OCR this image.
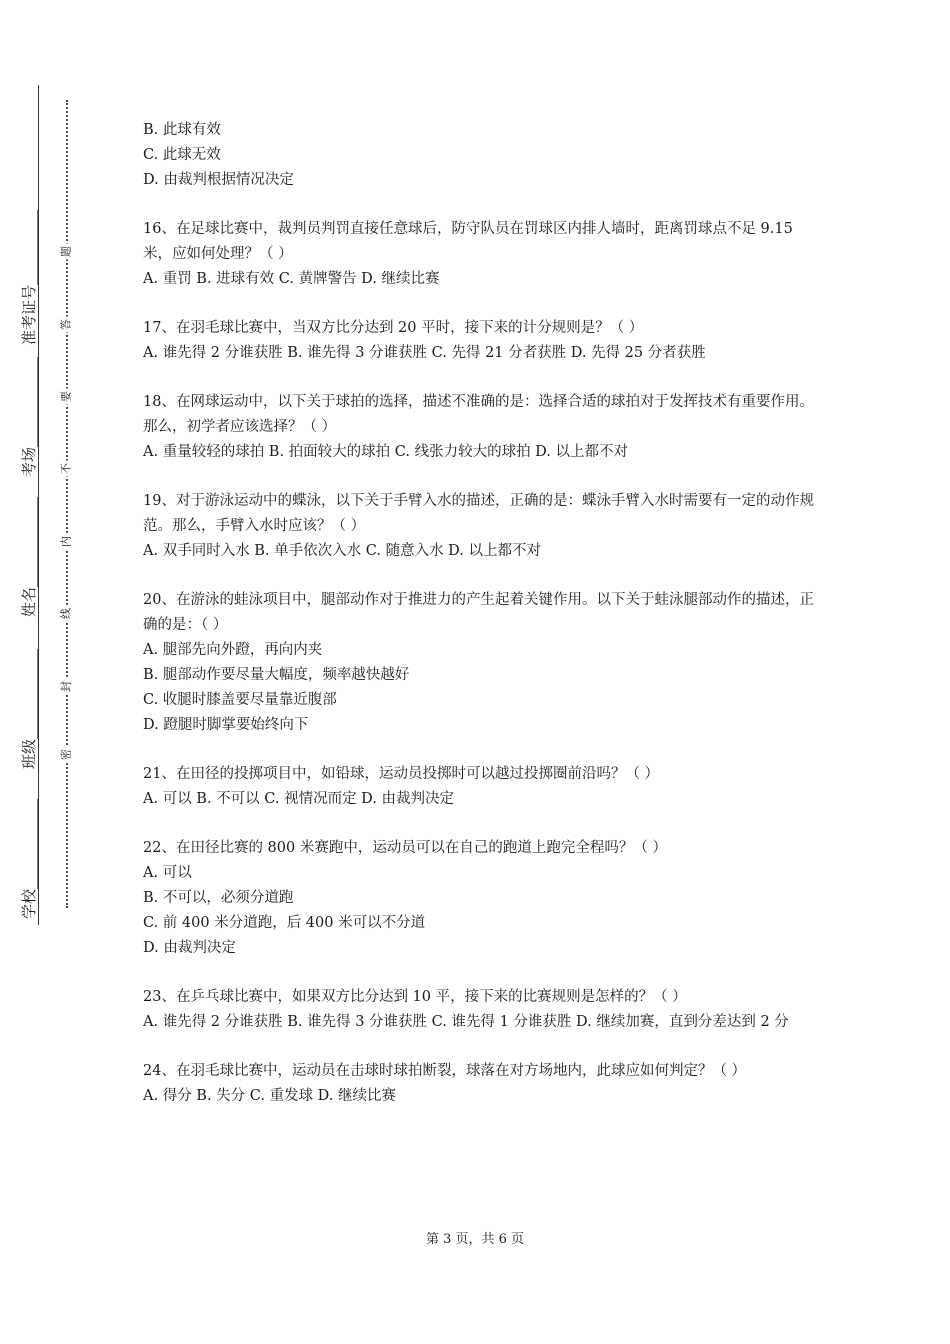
准考证号__________
考场____________
姓名____________
班级____________
学校____________
题
答
要
不
内
线
封
密
B. 此球有效
C. 此球无效
D. 由裁判根据情况决定
16、在足球比赛中，裁判员判罚直接任意球后，防守队员在罚球区内排人墙时，距离罚球点不足 9.15 米，应如何处理？（ ）
A. 重罚 B. 进球有效 C. 黄牌警告 D. 继续比赛
17、在羽毛球比赛中，当双方比分达到 20 平时，接下来的计分规则是？（ ）
A. 谁先得 2 分谁获胜 B. 谁先得 3 分谁获胜 C. 先得 21 分者获胜 D. 先得 25 分者获胜
18、在网球运动中，以下关于球拍的选择，描述不准确的是：选择合适的球拍对于发挥技术有重要作用。那么，初学者应该选择？（ ）
A. 重量较轻的球拍 B. 拍面较大的球拍 C. 线张力较大的球拍 D. 以上都不对
19、对于游泳运动中的蝶泳，以下关于手臂入水的描述，正确的是：蝶泳手臂入水时需要有一定的动作规范。那么，手臂入水时应该？（ ）
A. 双手同时入水 B. 单手依次入水 C. 随意入水 D. 以上都不对
20、在游泳的蛙泳项目中，腿部动作对于推进力的产生起着关键作用。以下关于蛙泳腿部动作的描述，正确的是：（ ）
A. 腿部先向外蹬，再向内夹
B. 腿部动作要尽量大幅度，频率越快越好
C. 收腿时膝盖要尽量靠近腹部
D. 蹬腿时脚掌要始终向下
21、在田径的投掷项目中，如铅球，运动员投掷时可以越过投掷圈前沿吗？（ ）
A. 可以 B. 不可以 C. 视情况而定 D. 由裁判决定
22、在田径比赛的 800 米赛跑中，运动员可以在自己的跑道上跑完全程吗？（ ）
A. 可以
B. 不可以，必须分道跑
C. 前 400 米分道跑，后 400 米可以不分道
D. 由裁判决定
23、在乒乓球比赛中，如果双方比分达到 10 平，接下来的比赛规则是怎样的？（ ）
A. 谁先得 2 分谁获胜 B. 谁先得 3 分谁获胜 C. 谁先得 1 分谁获胜 D. 继续加赛，直到分差达到 2 分
24、在羽毛球比赛中，运动员在击球时球拍断裂，球落在对方场地内，此球应如何判定？（ ）
A. 得分 B. 失分 C. 重发球 D. 继续比赛
第 3 页，共 6 页
